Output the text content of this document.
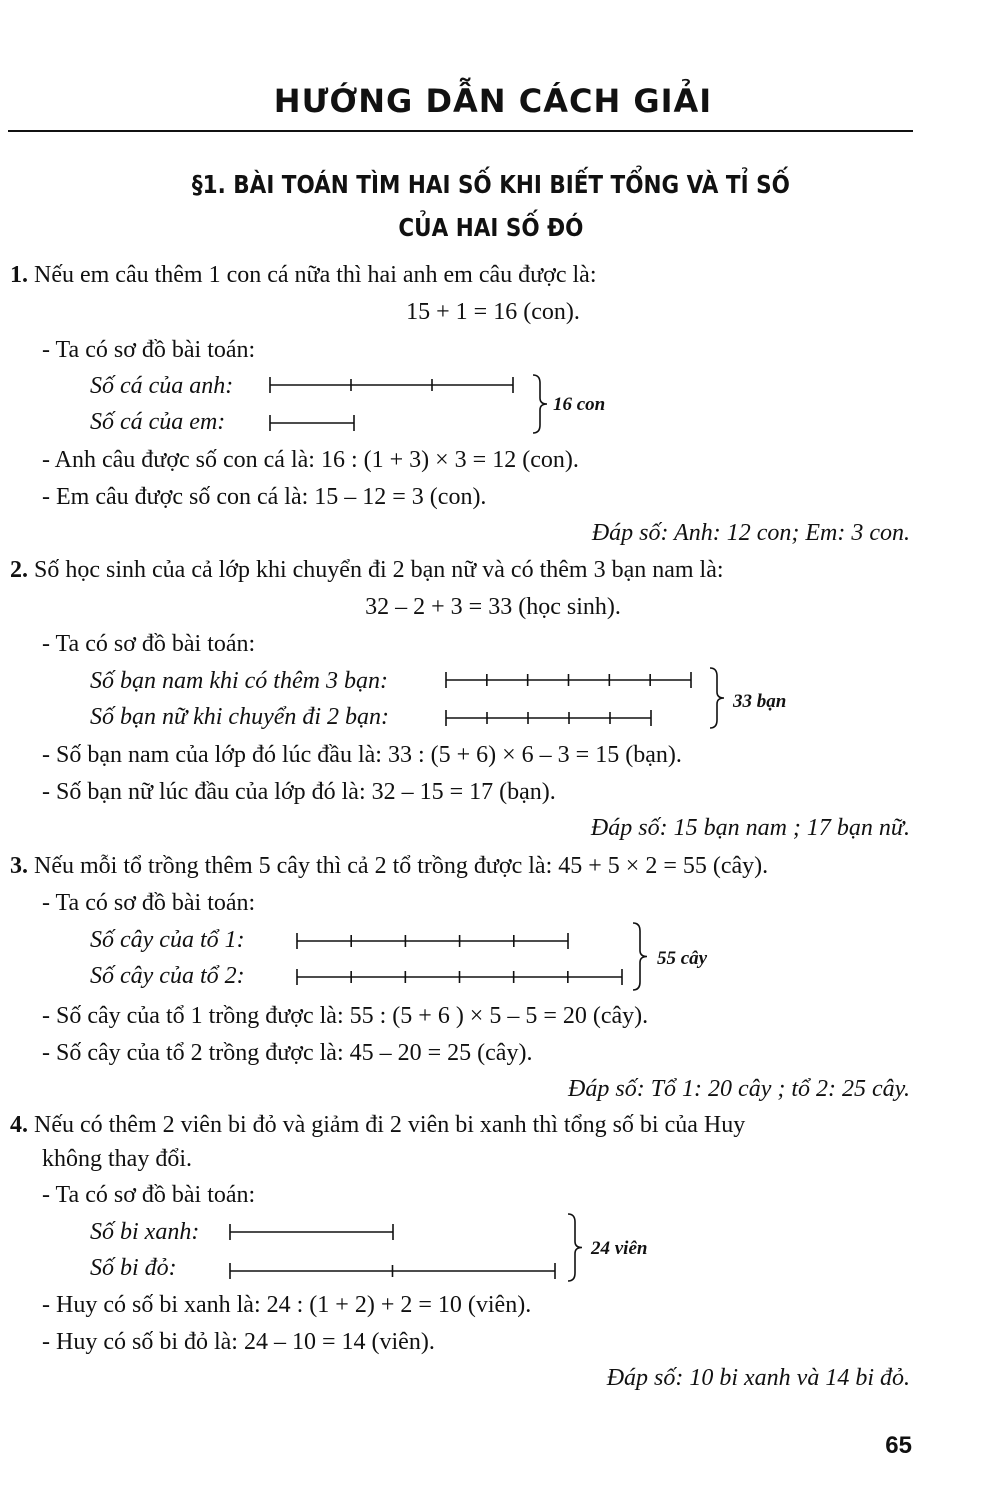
HƯỚNG DẪN CÁCH GIẢI
§1. BÀI TOÁN TÌM HAI SỐ KHI BIẾT TỔNG VÀ TỈ SỐ
CỦA HAI SỐ ĐÓ
1. Nếu em câu thêm 1 con cá nữa thì hai anh em câu được là:
15 + 1 = 16 (con).
- Ta có sơ đồ bài toán:
Số cá của anh:
Số cá của em:
16 con
- Anh câu được số con cá là: 16 : (1 + 3) × 3 = 12 (con).
- Em câu được số con cá là: 15 – 12 = 3 (con).
Đáp số: Anh: 12 con; Em: 3 con.
2. Số học sinh của cả lớp khi chuyển đi 2 bạn nữ và có thêm 3 bạn nam là:
32 – 2 + 3 = 33 (học sinh).
- Ta có sơ đồ bài toán:
Số bạn nam khi có thêm 3 bạn:
Số bạn nữ khi chuyển đi 2 bạn:
33 bạn
- Số bạn nam của lớp đó lúc đầu là: 33 : (5 + 6) × 6 – 3 = 15 (bạn).
- Số bạn nữ lúc đầu của lớp đó là: 32 – 15 = 17 (bạn).
Đáp số: 15 bạn nam ; 17 bạn nữ.
3. Nếu mỗi tổ trồng thêm 5 cây thì cả 2 tổ trồng được là: 45 + 5 × 2 = 55 (cây).
- Ta có sơ đồ bài toán:
Số cây của tổ 1:
Số cây của tổ 2:
55 cây
- Số cây của tổ 1 trồng được là: 55 : (5 + 6 ) × 5 – 5 = 20 (cây).
- Số cây của tổ 2 trồng được là: 45 – 20 = 25 (cây).
Đáp số: Tổ 1: 20 cây ; tổ 2: 25 cây.
4. Nếu có thêm 2 viên bi đỏ và giảm đi 2 viên bi xanh thì tổng số bi của Huy
không thay đổi.
- Ta có sơ đồ bài toán:
Số bi xanh:
Số bi đỏ:
24 viên
- Huy có số bi xanh là: 24 : (1 + 2) + 2 = 10 (viên).
- Huy có số bi đỏ là: 24 – 10 = 14 (viên).
Đáp số: 10 bi xanh và 14 bi đỏ.
65
